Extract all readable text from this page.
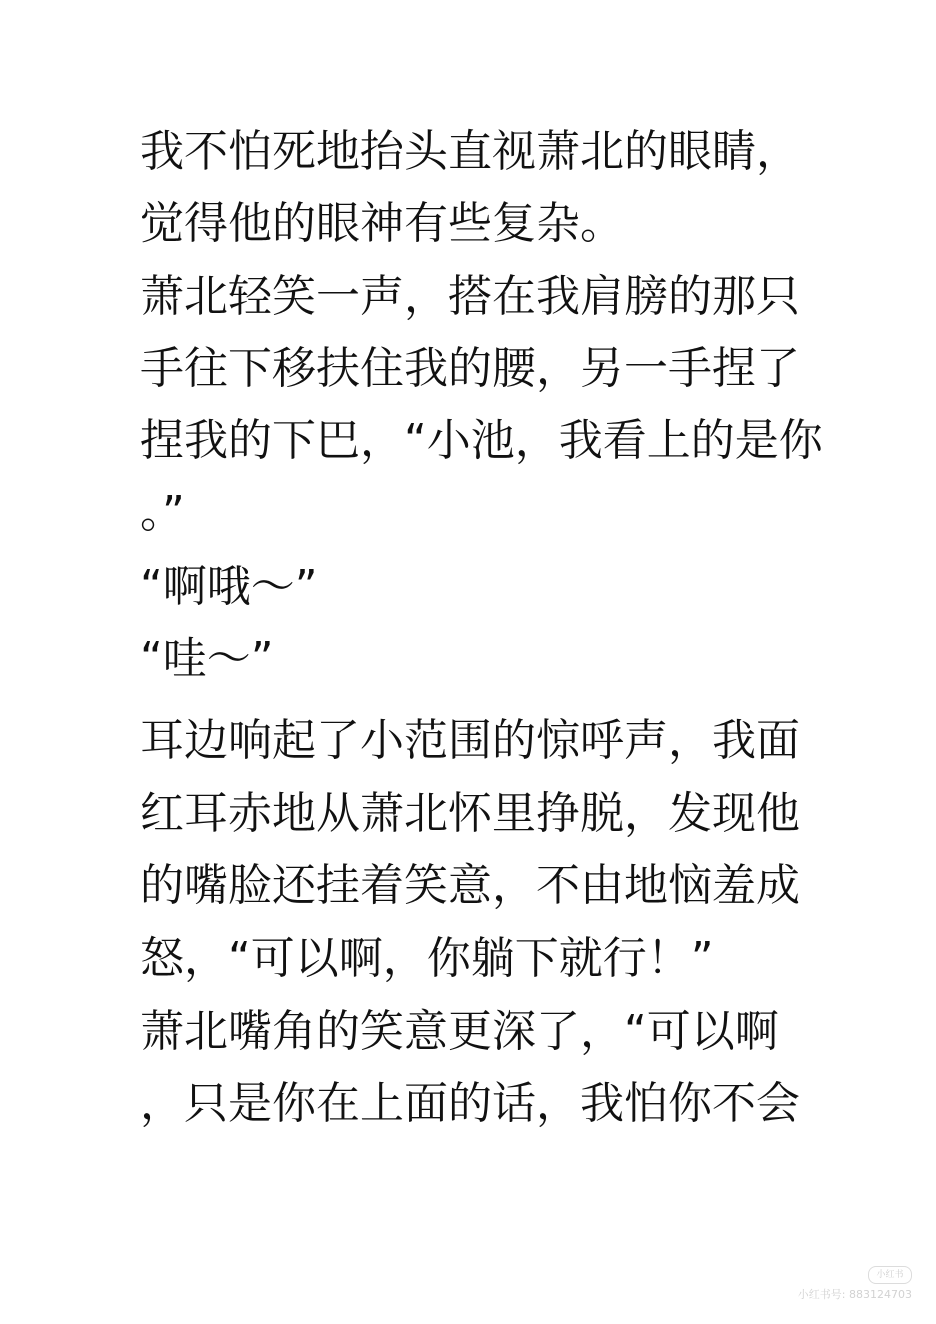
我不怕死地抬头直视萧北的眼睛，
觉得他的眼神有些复杂。
萧北轻笑一声，搭在我肩膀的那只
手往下移扶住我的腰，另一手捏了
捏我的下巴，“小池，我看上的是你
。”
“啊哦～”
“哇～”
耳边响起了小范围的惊呼声，我面
红耳赤地从萧北怀里挣脱，发现他
的嘴脸还挂着笑意，不由地恼羞成
怒，“可以啊，你躺下就行！”
萧北嘴角的笑意更深了，“可以啊
，只是你在上面的话，我怕你不会
小红书
小红书号: 883124703
